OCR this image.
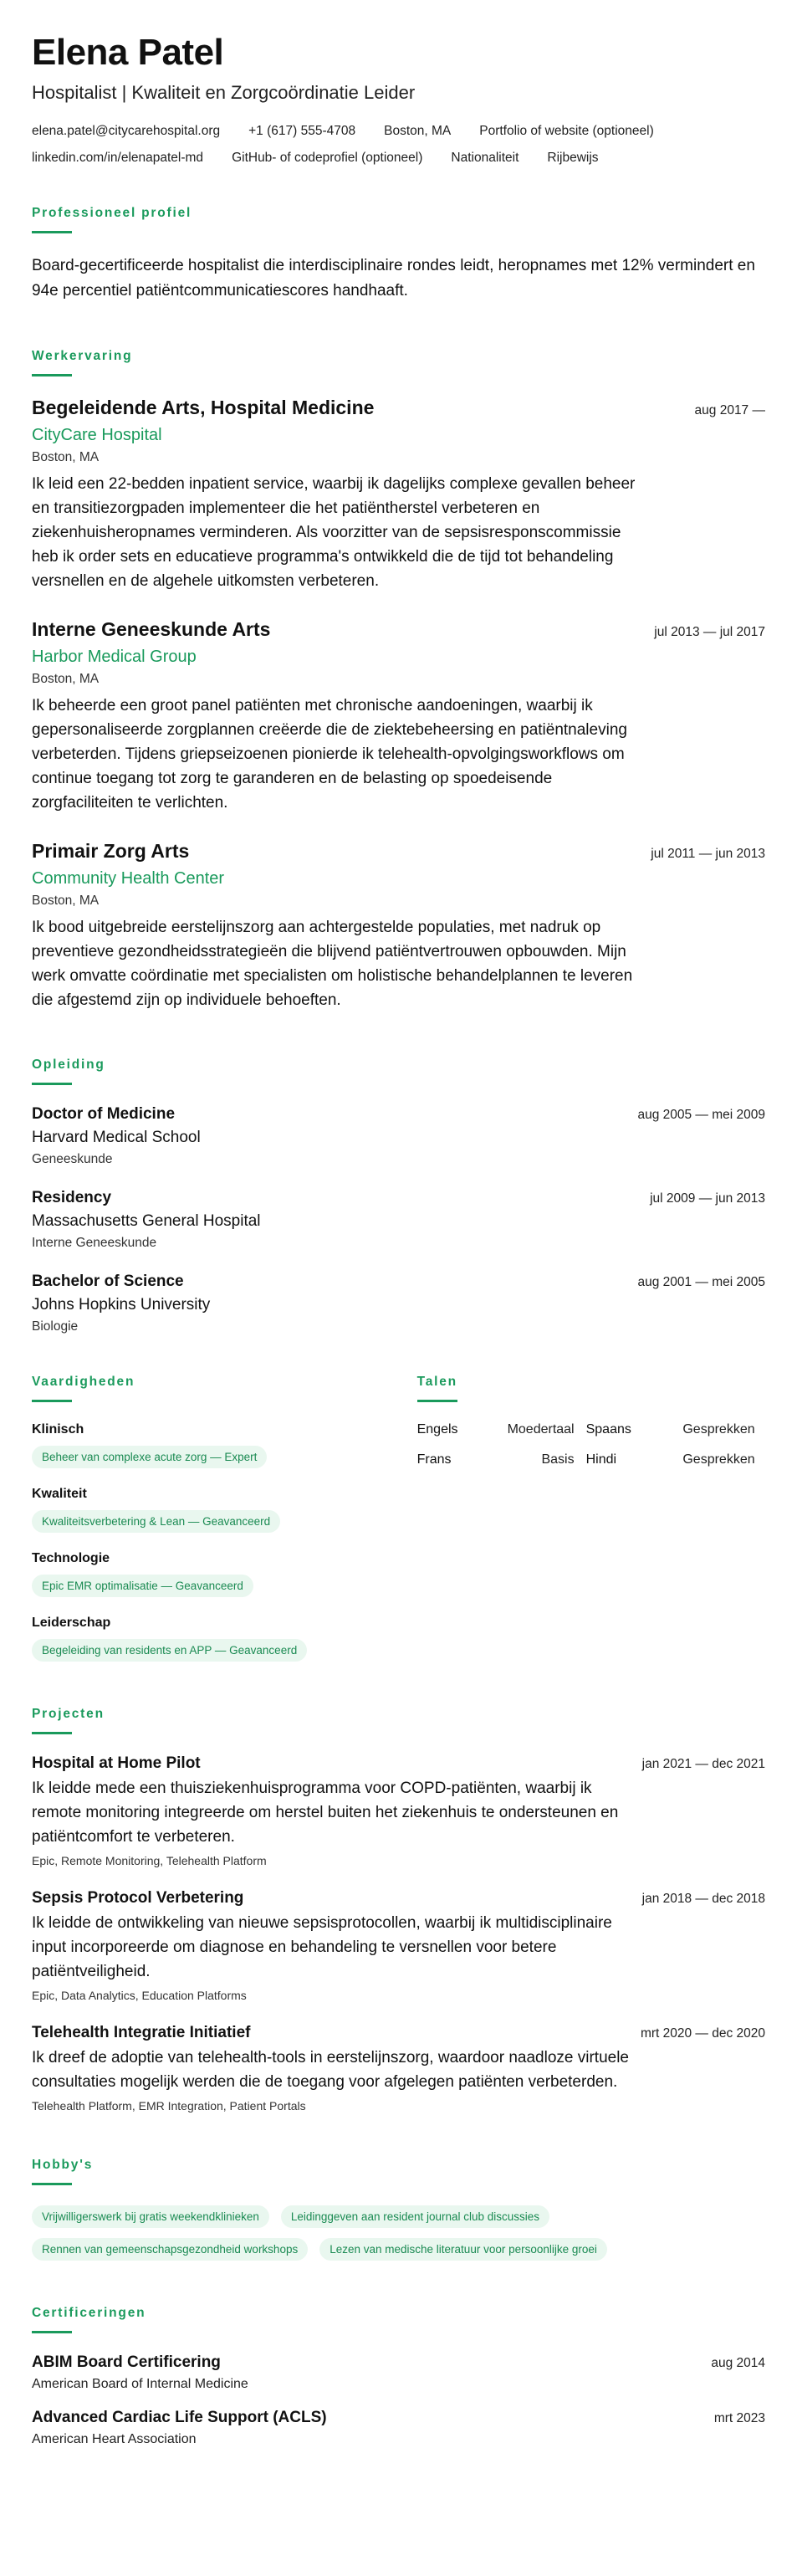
Elena Patel
Hospitalist | Kwaliteit en Zorgcoördinatie Leider
elena.patel@citycarehospital.org +1 (617) 555-4708 Boston, MA Portfolio of website (optioneel)
linkedin.com/in/elenapatel-md GitHub- of codeprofiel (optioneel) Nationaliteit Rijbewijs
Professioneel profiel

Board-gecertificeerde hospitalist die interdisciplinaire rondes leidt, heropnames met 12% vermindert en 94e percentiel patiëntcommunicatiescores handhaaft.

Werkervaring
Begeleidende Arts, Hospital Medicine	aug 2017 —
CityCare Hospital
Boston, MA

Ik leid een 22-bedden inpatient service, waarbij ik dagelijks complexe gevallen beheer en transitiezorgpaden implementeer die het patiëntherstel verbeteren en ziekenhuisheropnames verminderen. Als voorzitter van de sepsisresponscommissie heb ik order sets en educatieve programma's ontwikkeld die de tijd tot behandeling versnellen en de algehele uitkomsten verbeteren.

Interne Geneeskunde Arts	jul 2013 — jul 2017
Harbor Medical Group
Boston, MA

Ik beheerde een groot panel patiënten met chronische aandoeningen, waarbij ik gepersonaliseerde zorgplannen creëerde die de ziektebeheersing en patiëntnaleving verbeterden. Tijdens griepseizoenen pionierde ik telehealth-opvolgingsworkflows om continue toegang tot zorg te garanderen en de belasting op spoedeisende zorgfaciliteiten te verlichten.

Primair Zorg Arts	jul 2011 — jun 2013
Community Health Center
Boston, MA

Ik bood uitgebreide eerstelijnszorg aan achtergestelde populaties, met nadruk op preventieve gezondheidsstrategieën die blijvend patiëntvertrouwen opbouwden. Mijn werk omvatte coördinatie met specialisten om holistische behandelplannen te leveren die afgestemd zijn op individuele behoeften.

Opleiding
Doctor of Medicine	aug 2005 — mei 2009
Harvard Medical School
Geneeskunde
Residency	jul 2009 — jun 2013
Massachusetts General Hospital
Interne Geneeskunde
Bachelor of Science	aug 2001 — mei 2005
Johns Hopkins University
Biologie
Vaardigheden
Klinisch
Beheer van complexe acute zorg — Expert
Kwaliteit
Kwaliteitsverbetering & Lean — Geavanceerd
Technologie
Epic EMR optimalisatie — Geavanceerd
Leiderschap
Begeleiding van residents en APP — Geavanceerd
Talen
Engels	Moedertaal Spaans	Gesprekken
Frans	Basis Hindi	Gesprekken
Projecten
Hospital at Home Pilot	jan 2021 — dec 2021

Ik leidde mede een thuisziekenhuisprogramma voor COPD-patiënten, waarbij ik remote monitoring integreerde om herstel buiten het ziekenhuis te ondersteunen en patiëntcomfort te verbeteren.

Epic, Remote Monitoring, Telehealth Platform
Sepsis Protocol Verbetering	jan 2018 — dec 2018

Ik leidde de ontwikkeling van nieuwe sepsisprotocollen, waarbij ik multidisciplinaire input incorporeerde om diagnose en behandeling te versnellen voor betere patiëntveiligheid.

Epic, Data Analytics, Education Platforms
Telehealth Integratie Initiatief	mrt 2020 — dec 2020

Ik dreef de adoptie van telehealth-tools in eerstelijnszorg, waardoor naadloze virtuele consultaties mogelijk werden die de toegang voor afgelegen patiënten verbeterden.

Telehealth Platform, EMR Integration, Patient Portals
Hobby's
Vrijwilligerswerk bij gratis weekendklinieken	Leidinggeven aan resident journal club discussies
Rennen van gemeenschapsgezondheid workshops	Lezen van medische literatuur voor persoonlijke groei
Certificeringen
ABIM Board Certificering	aug 2014
American Board of Internal Medicine
Advanced Cardiac Life Support (ACLS)	mrt 2023
American Heart Association
